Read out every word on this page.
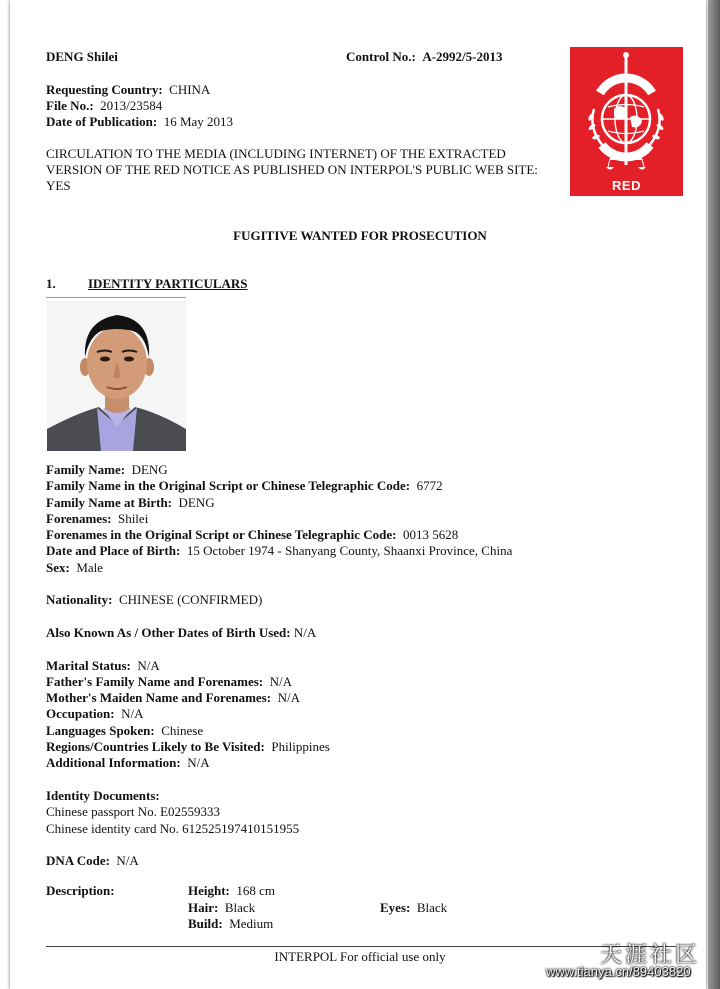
DENG Shilei	Control No.: A-2992/5-2013
Requesting Country: CHINA
File No.: 2013/23584
Date of Publication: 16 May 2013
CIRCULATION TO THE MEDIA (INCLUDING INTERNET) OF THE EXTRACTED VERSION OF THE RED NOTICE AS PUBLISHED ON INTERPOL'S PUBLIC WEB SITE: YES	RED
FUGITIVE WANTED FOR PROSECUTION
1. IDENTITY PARTICULARS
Family Name: DENG
Family Name in the Original Script or Chinese Telegraphic Code: 6772
Family Name at Birth: DENG
Forenames: Shilei
Forenames in the Original Script or Chinese Telegraphic Code: 0013 5628
Date and Place of Birth: 15 October 1974 - Shanyang County, Shaanxi Province, China
Sex: Male
Nationality: CHINESE (CONFIRMED)
Also Known As / Other Dates of Birth Used: N/A
Marital Status: N/A
Father's Family Name and Forenames: N/A
Mother's Maiden Name and Forenames: N/A
Occupation: N/A
Languages Spoken: Chinese
Regions/Countries Likely to Be Visited: Philippines
Additional Information: N/A
Identity Documents:
Chinese passport No. E02559333
Chinese identity card No. 612525197410151955
DNA Code: N/A
Description:	Height: 168 cm
Hair: Black	Eyes: Black
Build: Medium
INTERPOL For official use only	天涯社区
www.tianya.cn/89403820
